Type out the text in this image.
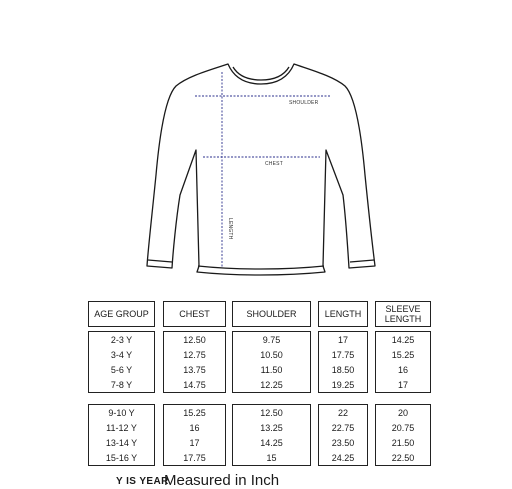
SHOULDER
CHEST
LENGTH
AGE GROUP
2-3 Y
3-4 Y
5-6 Y
7-8 Y
9-10 Y
11-12 Y
13-14 Y
15-16 Y
CHEST
12.50
12.75
13.75
14.75
15.25
16
17
17.75
SHOULDER
9.75
10.50
11.50
12.25
12.50
13.25
14.25
15
LENGTH
17
17.75
18.50
19.25
22
22.75
23.50
24.25
SLEEVE
LENGTH
14.25
15.25
16
17
20
20.75
21.50
22.50
Y IS YEAR
Measured in Inch
